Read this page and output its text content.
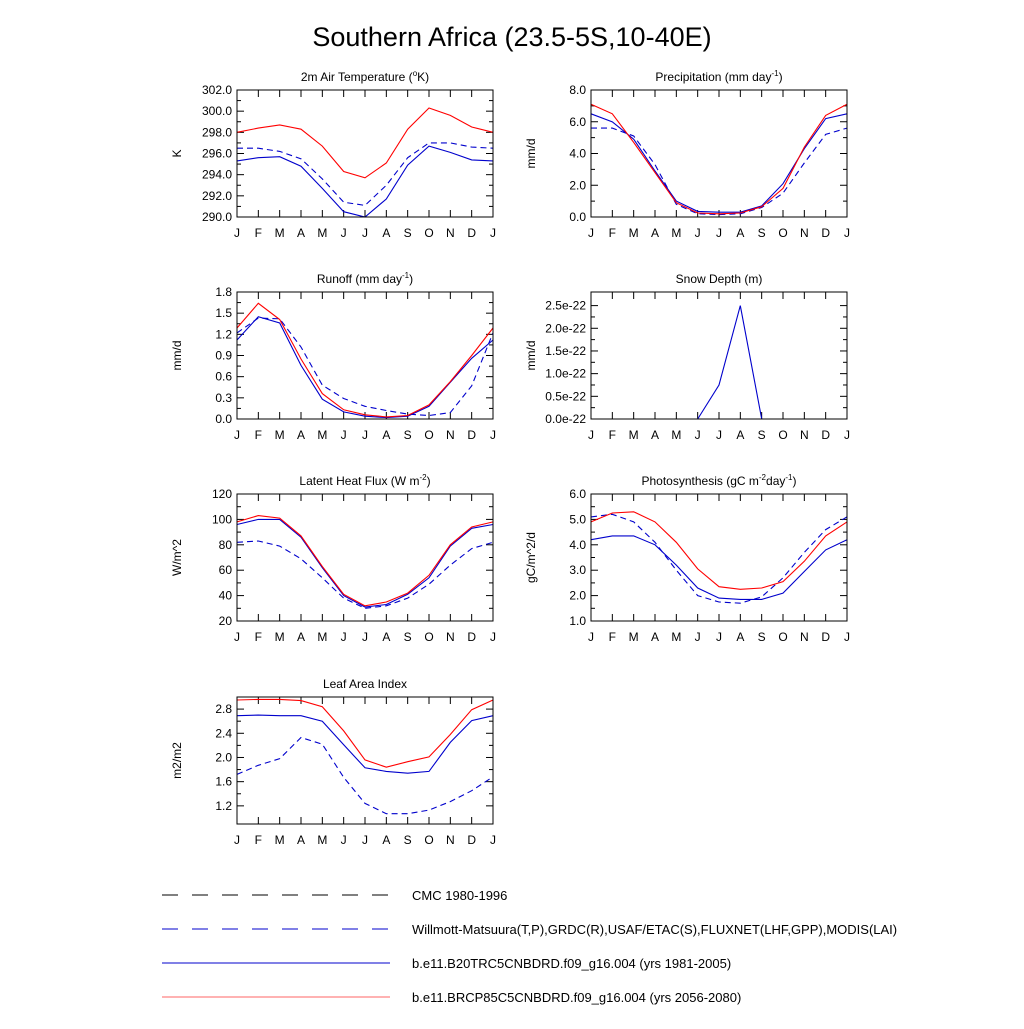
Southern Africa (23.5-5S,10-40E)
2m Air Temperature ($^o$K)
K
290.0
292.0
294.0
296.0
298.0
300.0
302.0
J F M A M J J A S O N D J
Precipitation (mm day$^{-1}$)
mm/d
0.0
2.0
4.0
6.0
8.0
J F M A M J J A S O N D J
Runoff (mm day$^{-1}$)
mm/d
0.0
0.3
0.6
0.9
1.2
1.5
1.8
J F M A M J J A S O N D J
Snow Depth (m)
mm/d
0.0e-22
0.5e-22
1.0e-22
1.5e-22
2.0e-22
2.5e-22
J F M A M J J A S O N D J
Latent Heat Flux (W $m^{-2}$)
W/m^2
20
40
60
80
100
120
J F M A M J J A S O N D J
Photosynthesis (gC $m^{-2}day^{-1}$)
gC/m^2/d
1.0
2.0
3.0
4.0
5.0
6.0
J F M A M J J A S O N D J
Leaf Area Index
m2/m2
1.2
1.6
2.0
2.4
2.8
J F M A M J J A S O N D J
CMC 1980-1996
Willmott-Matsuura(T,P),GRDC(R),USAF/ETAC(S),FLUXNET(LHF,GPP),MODIS(LAI)
b.e11.B20TRC5CNBDRD.f09_g16.004 (yrs 1981-2005)
b.e11.BRCP85C5CNBDRD.f09_g16.004 (yrs 2056-2080)
